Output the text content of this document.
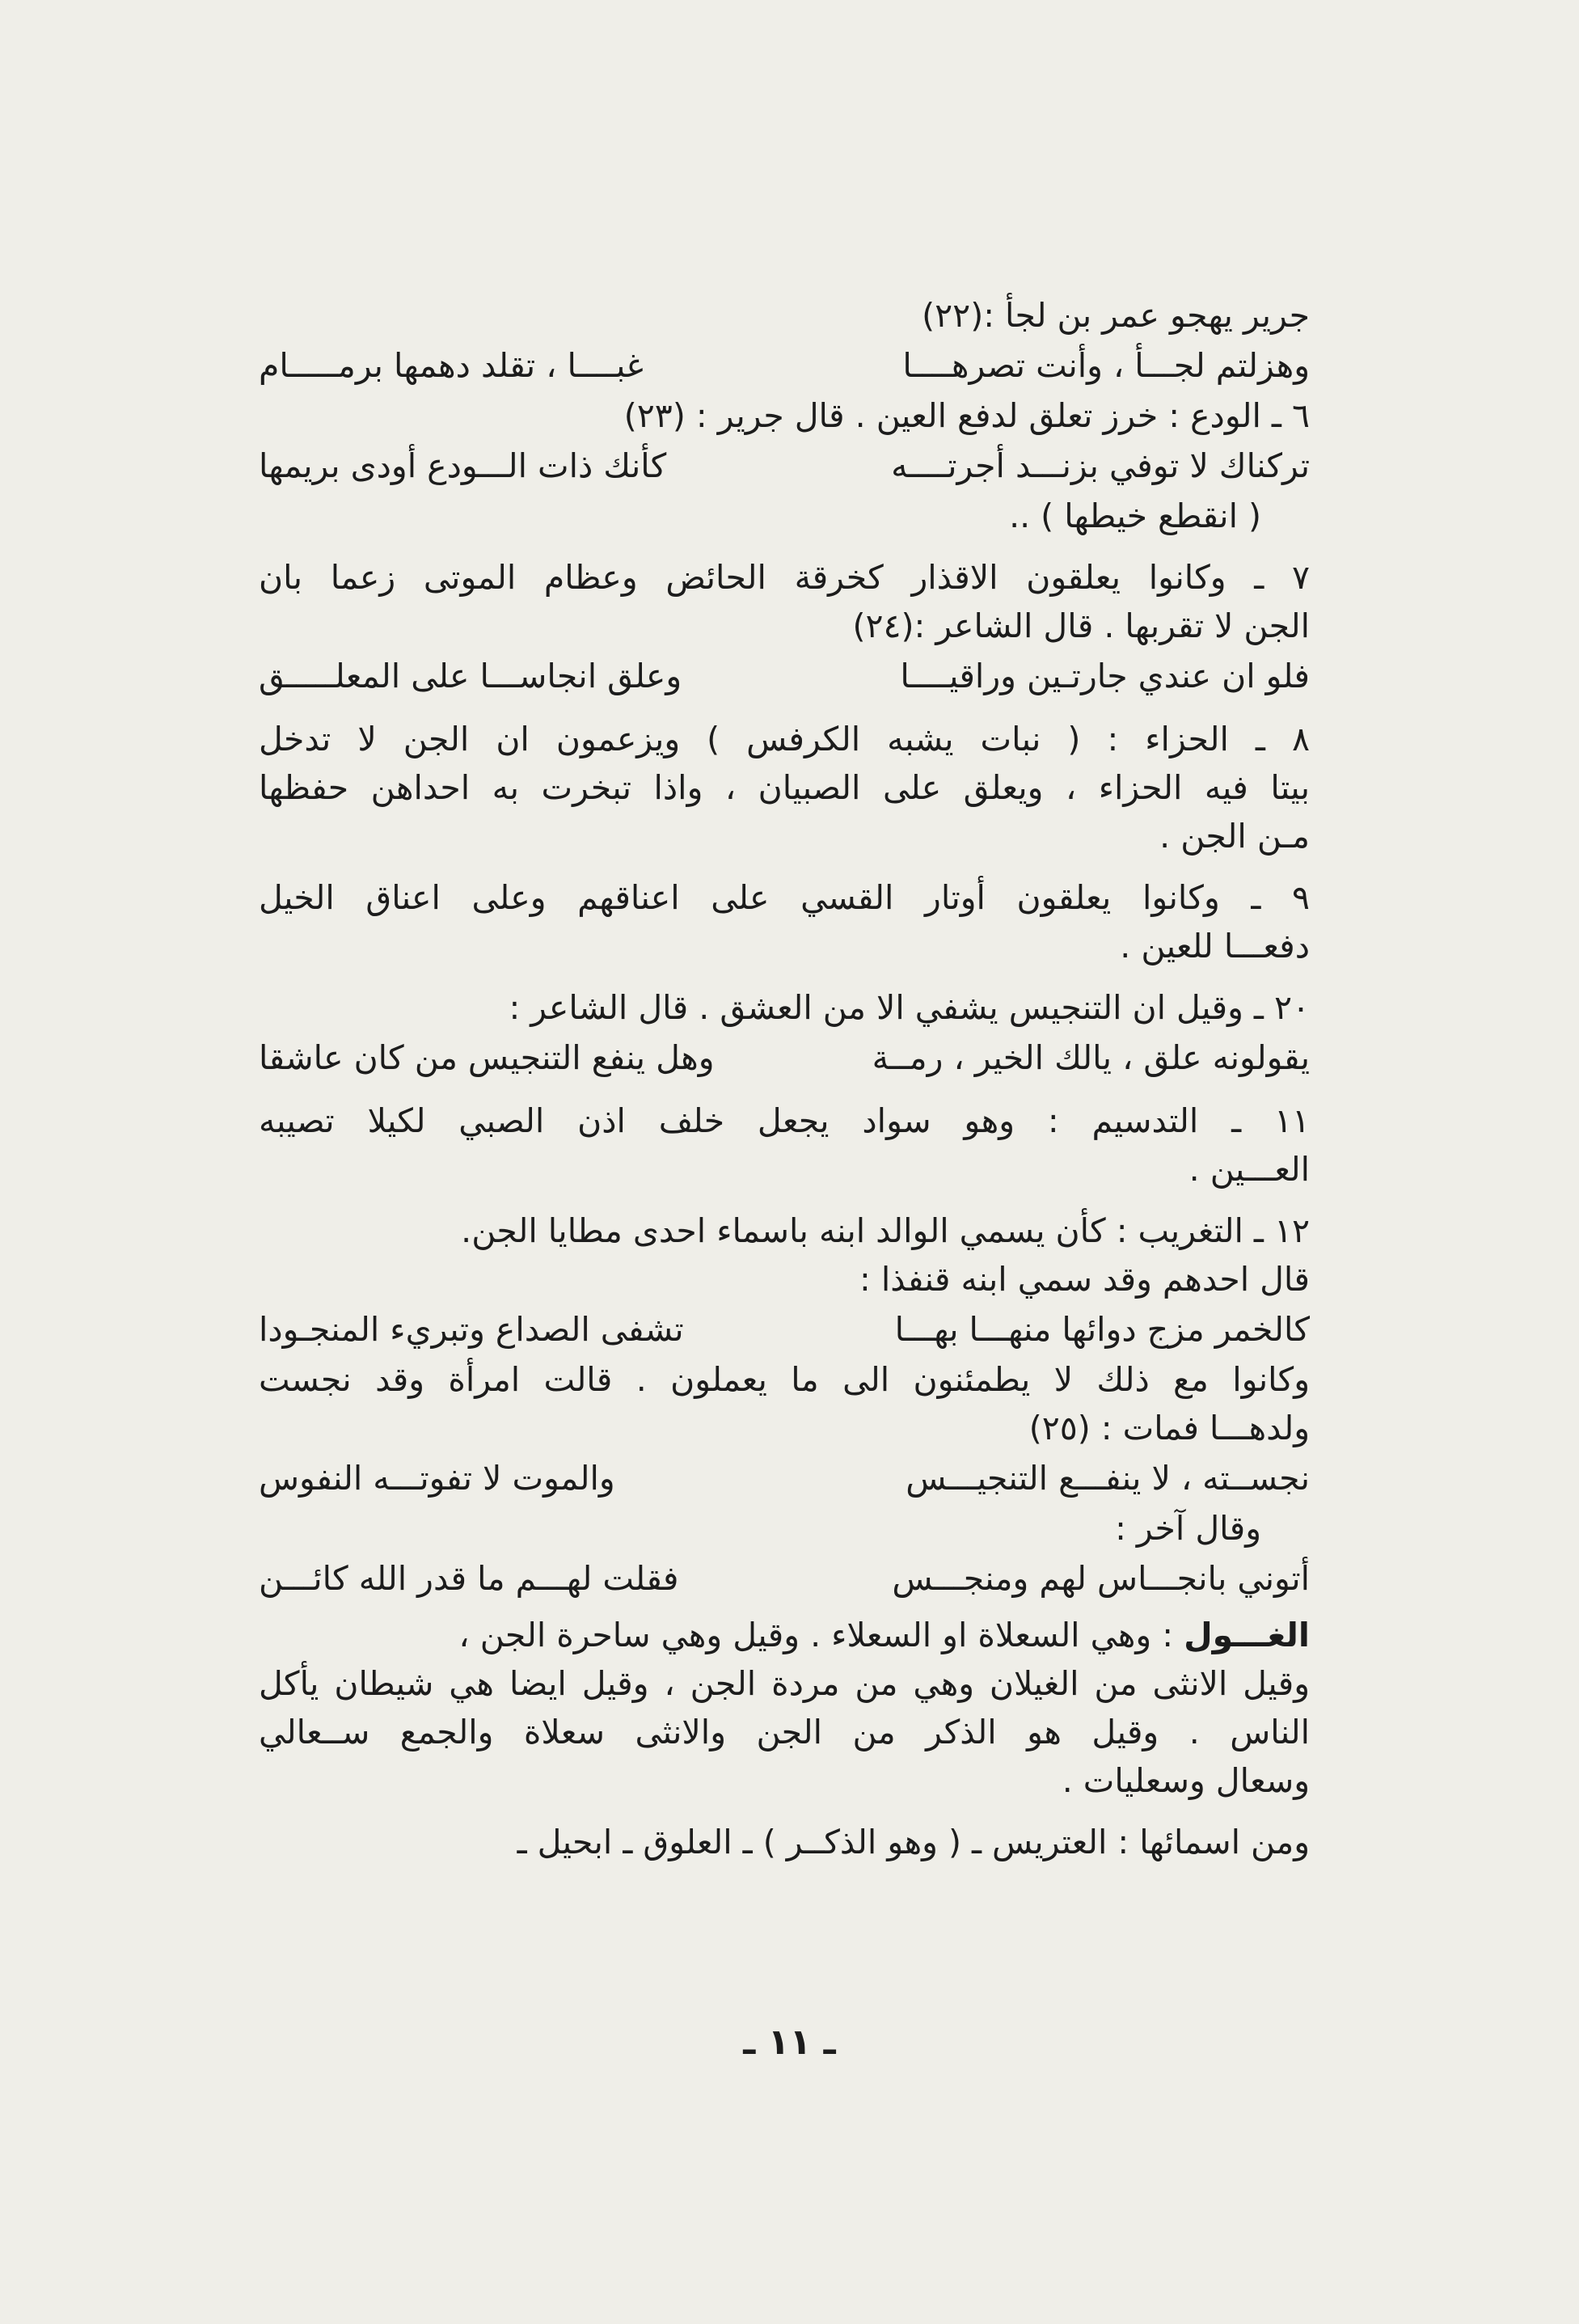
جرير يهجو عمر بن لجأ :(٢٢)
وهزلتم لجـــأ ، وأنت تصرهــــا
غبــــا ، تقلد دهمها برمـــــام
٦ ـ الودع : خرز تعلق لدفع العين . قال جرير : (٢٣)
تركناك لا توفي بزنـــد أجرتــــه
كأنك ذات الـــودع أودى بريمها
( انقطع خيطها ) ..
٧ ـ وكانوا يعلقون الاقذار كخرقة الحائض وعظام الموتى زعما بان
الجن لا تقربها . قال الشاعر :(٢٤)
فلو ان عندي جارتـين وراقيــــا
وعلق انجاســـا على المعلـــــق
٨ ـ الحزاء : ( نبات يشبه الكرفس ) ويزعمون ان الجن لا تدخل
بيتا فيه الحزاء ، ويعلق على الصبيان ، واذا تبخرت به احداهن حفظها
مـن الجن .
٩ ـ وكانوا يعلقون أوتار القسي على اعناقهم وعلى اعناق الخيل
دفعـــا للعين .
٢٠ ـ وقيل ان التنجيس يشفي الا من العشق . قال الشاعر :
يقولونه علق ، يالك الخير ، رمــة
وهل ينفع التنجيس من كان عاشقا
١١ ـ التدسيم : وهو سواد يجعل خلف اذن الصبي لكيلا تصيبه
العـــين .
١٢ ـ التغريب : كأن يسمي الوالد ابنه باسماء احدى مطايا الجن.
قال احدهم وقد سمي ابنه قنفذا :
كالخمر مزج دوائها منهـــا بهـــا
تشفى الصداع وتبريء المنجـودا
وكانوا مع ذلك لا يطمئنون الى ما يعملون . قالت امرأة وقد نجست
ولدهـــا فمات : (٢٥)
نجســته ، لا ينفـــع التنجيـــس
والموت لا تفوتـــه النفوس
وقال آخر :
أتوني بانجـــاس لهم ومنجـــس
فقلت لهـــم ما قدر الله كائـــن
الغـــول : وهي السعلاة او السعلاء . وقيل وهي ساحرة الجن ،
وقيل الانثى من الغيلان وهي من مردة الجن ، وقيل ايضا هي شيطان يأكل
الناس . وقيل هو الذكر من الجن والانثى سعلاة والجمع ســعالي
وسعال وسعليات .
ومن اسمائها : العتريس ـ ( وهو الذكــر ) ـ العلوق ـ ابحيل ـ
ـ ١١ ـ
